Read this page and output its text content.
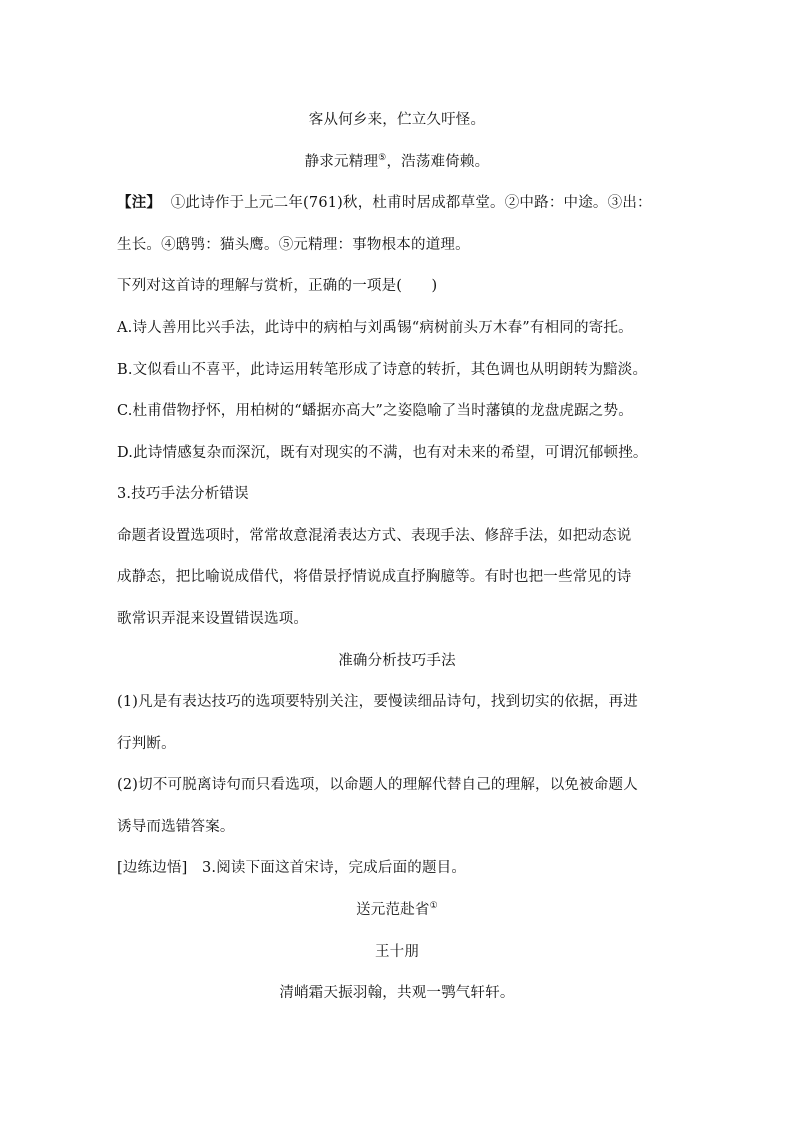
客从何乡来，伫立久吁怪。
静求元精理⑤，浩荡难倚赖。
【注】 ①此诗作于上元二年(761)秋，杜甫时居成都草堂。②中路：中途。③出：
生长。④鸱鸮：猫头鹰。⑤元精理：事物根本的道理。
下列对这首诗的理解与赏析，正确的一项是(　　)
A.诗人善用比兴手法，此诗中的病柏与刘禹锡“病树前头万木春”有相同的寄托。
B.文似看山不喜平，此诗运用转笔形成了诗意的转折，其色调也从明朗转为黯淡。
C.杜甫借物抒怀，用柏树的“蟠据亦高大”之姿隐喻了当时藩镇的龙盘虎踞之势。
D.此诗情感复杂而深沉，既有对现实的不满，也有对未来的希望，可谓沉郁顿挫。
3.技巧手法分析错误
命题者设置选项时，常常故意混淆表达方式、表现手法、修辞手法，如把动态说
成静态，把比喻说成借代，将借景抒情说成直抒胸臆等。有时也把一些常见的诗
歌常识弄混来设置错误选项。
准确分析技巧手法
(1)凡是有表达技巧的选项要特别关注，要慢读细品诗句，找到切实的依据，再进
行判断。
(2)切不可脱离诗句而只看选项，以命题人的理解代替自己的理解，以免被命题人
诱导而选错答案。
[边练边悟] 3.阅读下面这首宋诗，完成后面的题目。
送元范赴省①
王十朋
清峭霜天振羽翰，共观一鹗气轩轩。
